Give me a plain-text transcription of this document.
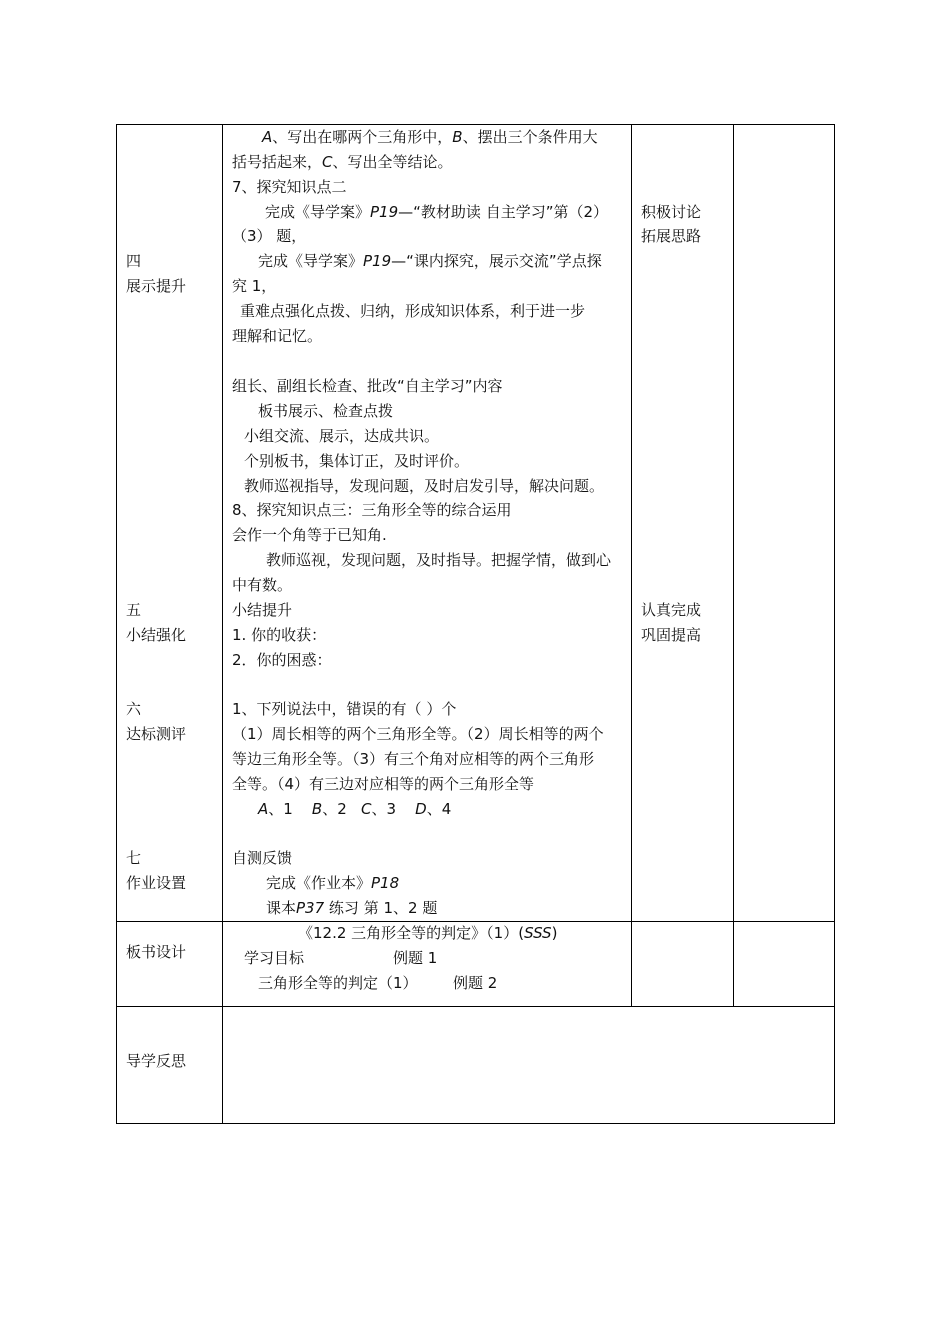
四
展示提升
五
小结强化
六
达标测评
七
作业设置
A、写出在哪两个三角形中，B、摆出三个条件用大
括号括起来，C、写出全等结论。
7、探究知识点二
完成《导学案》P19—“教材助读 自主学习”第（2）
（3） 题，
完成《导学案》P19—“课内探究，展示交流”学点探
究 1，
重难点强化点拨、归纳，形成知识体系，利于进一步
理解和记忆。
组长、副组长检查、批改“自主学习”内容
板书展示、检查点拨
小组交流、展示，达成共识。
个别板书，集体订正，及时评价。
教师巡视指导，发现问题，及时启发引导，解决问题。
8、探究知识点三：三角形全等的综合运用
会作一个角等于已知角.
教师巡视，发现问题，及时指导。把握学情，做到心
中有数。
小结提升
1. 你的收获：
2．你的困惑：
1、下列说法中，错误的有（ ）个
（1）周长相等的两个三角形全等。（2）周长相等的两个
等边三角形全等。（3）有三个角对应相等的两个三角形
全等。（4）有三边对应相等的两个三角形全等
A、1    B、2   C、3    D、4
自测反馈
完成《作业本》P18
课本P37 练习 第 1、2 题
积极讨论
拓展思路
认真完成
巩固提高
板书设计
《12.2 三角形全等的判定》（1）(SSS)
学习目标	例题 1
三角形全等的判定（1） 例题 2
导学反思
